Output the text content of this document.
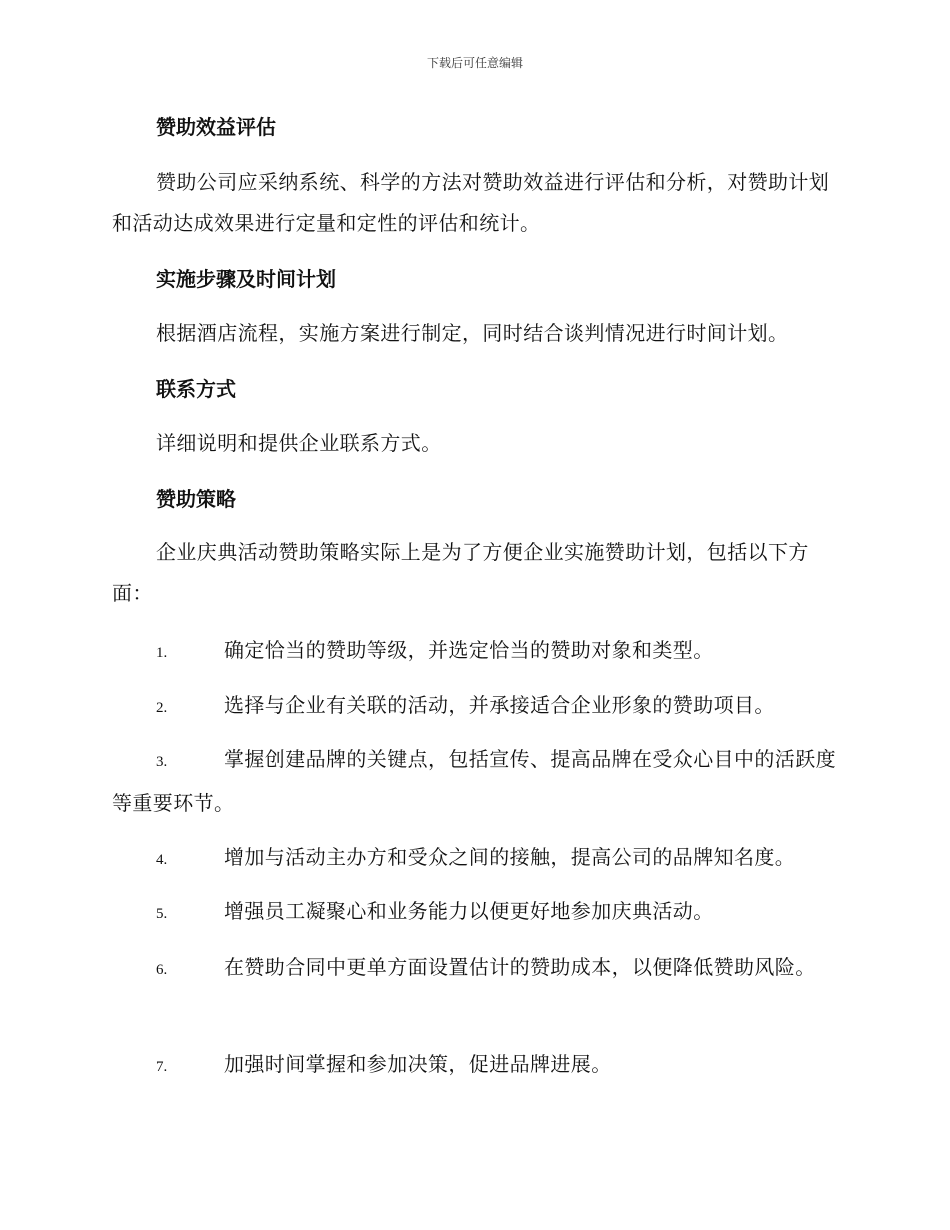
下载后可任意编辑
赞助效益评估

赞助公司应采纳系统、科学的方法对赞助效益进行评估和分析，对赞助计划和活动达成效果进行定量和定性的评估和统计。

实施步骤及时间计划

根据酒店流程，实施方案进行制定，同时结合谈判情况进行时间计划。

联系方式

详细说明和提供企业联系方式。

赞助策略

企业庆典活动赞助策略实际上是为了方便企业实施赞助计划，包括以下方面：

1.	确定恰当的赞助等级，并选定恰当的赞助对象和类型。

2.	选择与企业有关联的活动，并承接适合企业形象的赞助项目。

3.	掌握创建品牌的关键点，包括宣传、提高品牌在受众心目中的活跃度等重要环节。

4.	增加与活动主办方和受众之间的接触，提高公司的品牌知名度。

5.	增强员工凝聚心和业务能力以便更好地参加庆典活动。

6.	在赞助合同中更单方面设置估计的赞助成本，以便降低赞助风险。

7.	加强时间掌握和参加决策，促进品牌进展。
